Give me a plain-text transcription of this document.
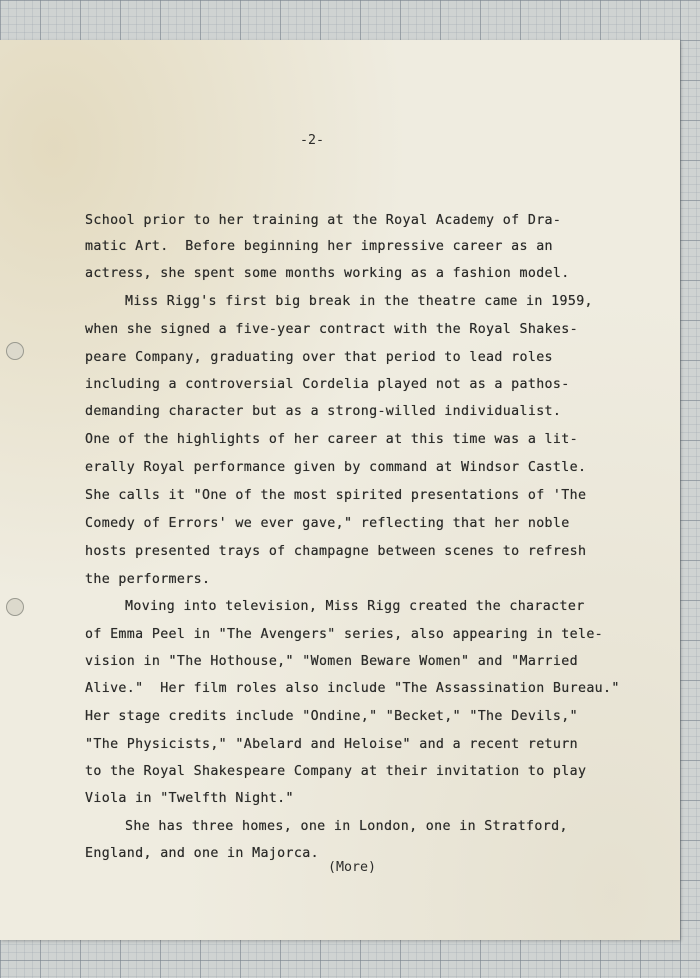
-2-
School prior to her training at the Royal Academy of Dra-
matic Art.  Before beginning her impressive career as an
actress, she spent some months working as a fashion model.
Miss Rigg's first big break in the theatre came in 1959,
when she signed a five-year contract with the Royal Shakes-
peare Company, graduating over that period to lead roles
including a controversial Cordelia played not as a pathos-
demanding character but as a strong-willed individualist.
One of the highlights of her career at this time was a lit-
erally Royal performance given by command at Windsor Castle.
She calls it "One of the most spirited presentations of 'The
Comedy of Errors' we ever gave," reflecting that her noble
hosts presented trays of champagne between scenes to refresh
the performers.
Moving into television, Miss Rigg created the character
of Emma Peel in "The Avengers" series, also appearing in tele-
vision in "The Hothouse," "Women Beware Women" and "Married
Alive."  Her film roles also include "The Assassination Bureau."
Her stage credits include "Ondine," "Becket," "The Devils,"
"The Physicists," "Abelard and Heloise" and a recent return
to the Royal Shakespeare Company at their invitation to play
Viola in "Twelfth Night."
She has three homes, one in London, one in Stratford,
England, and one in Majorca.
(More)
